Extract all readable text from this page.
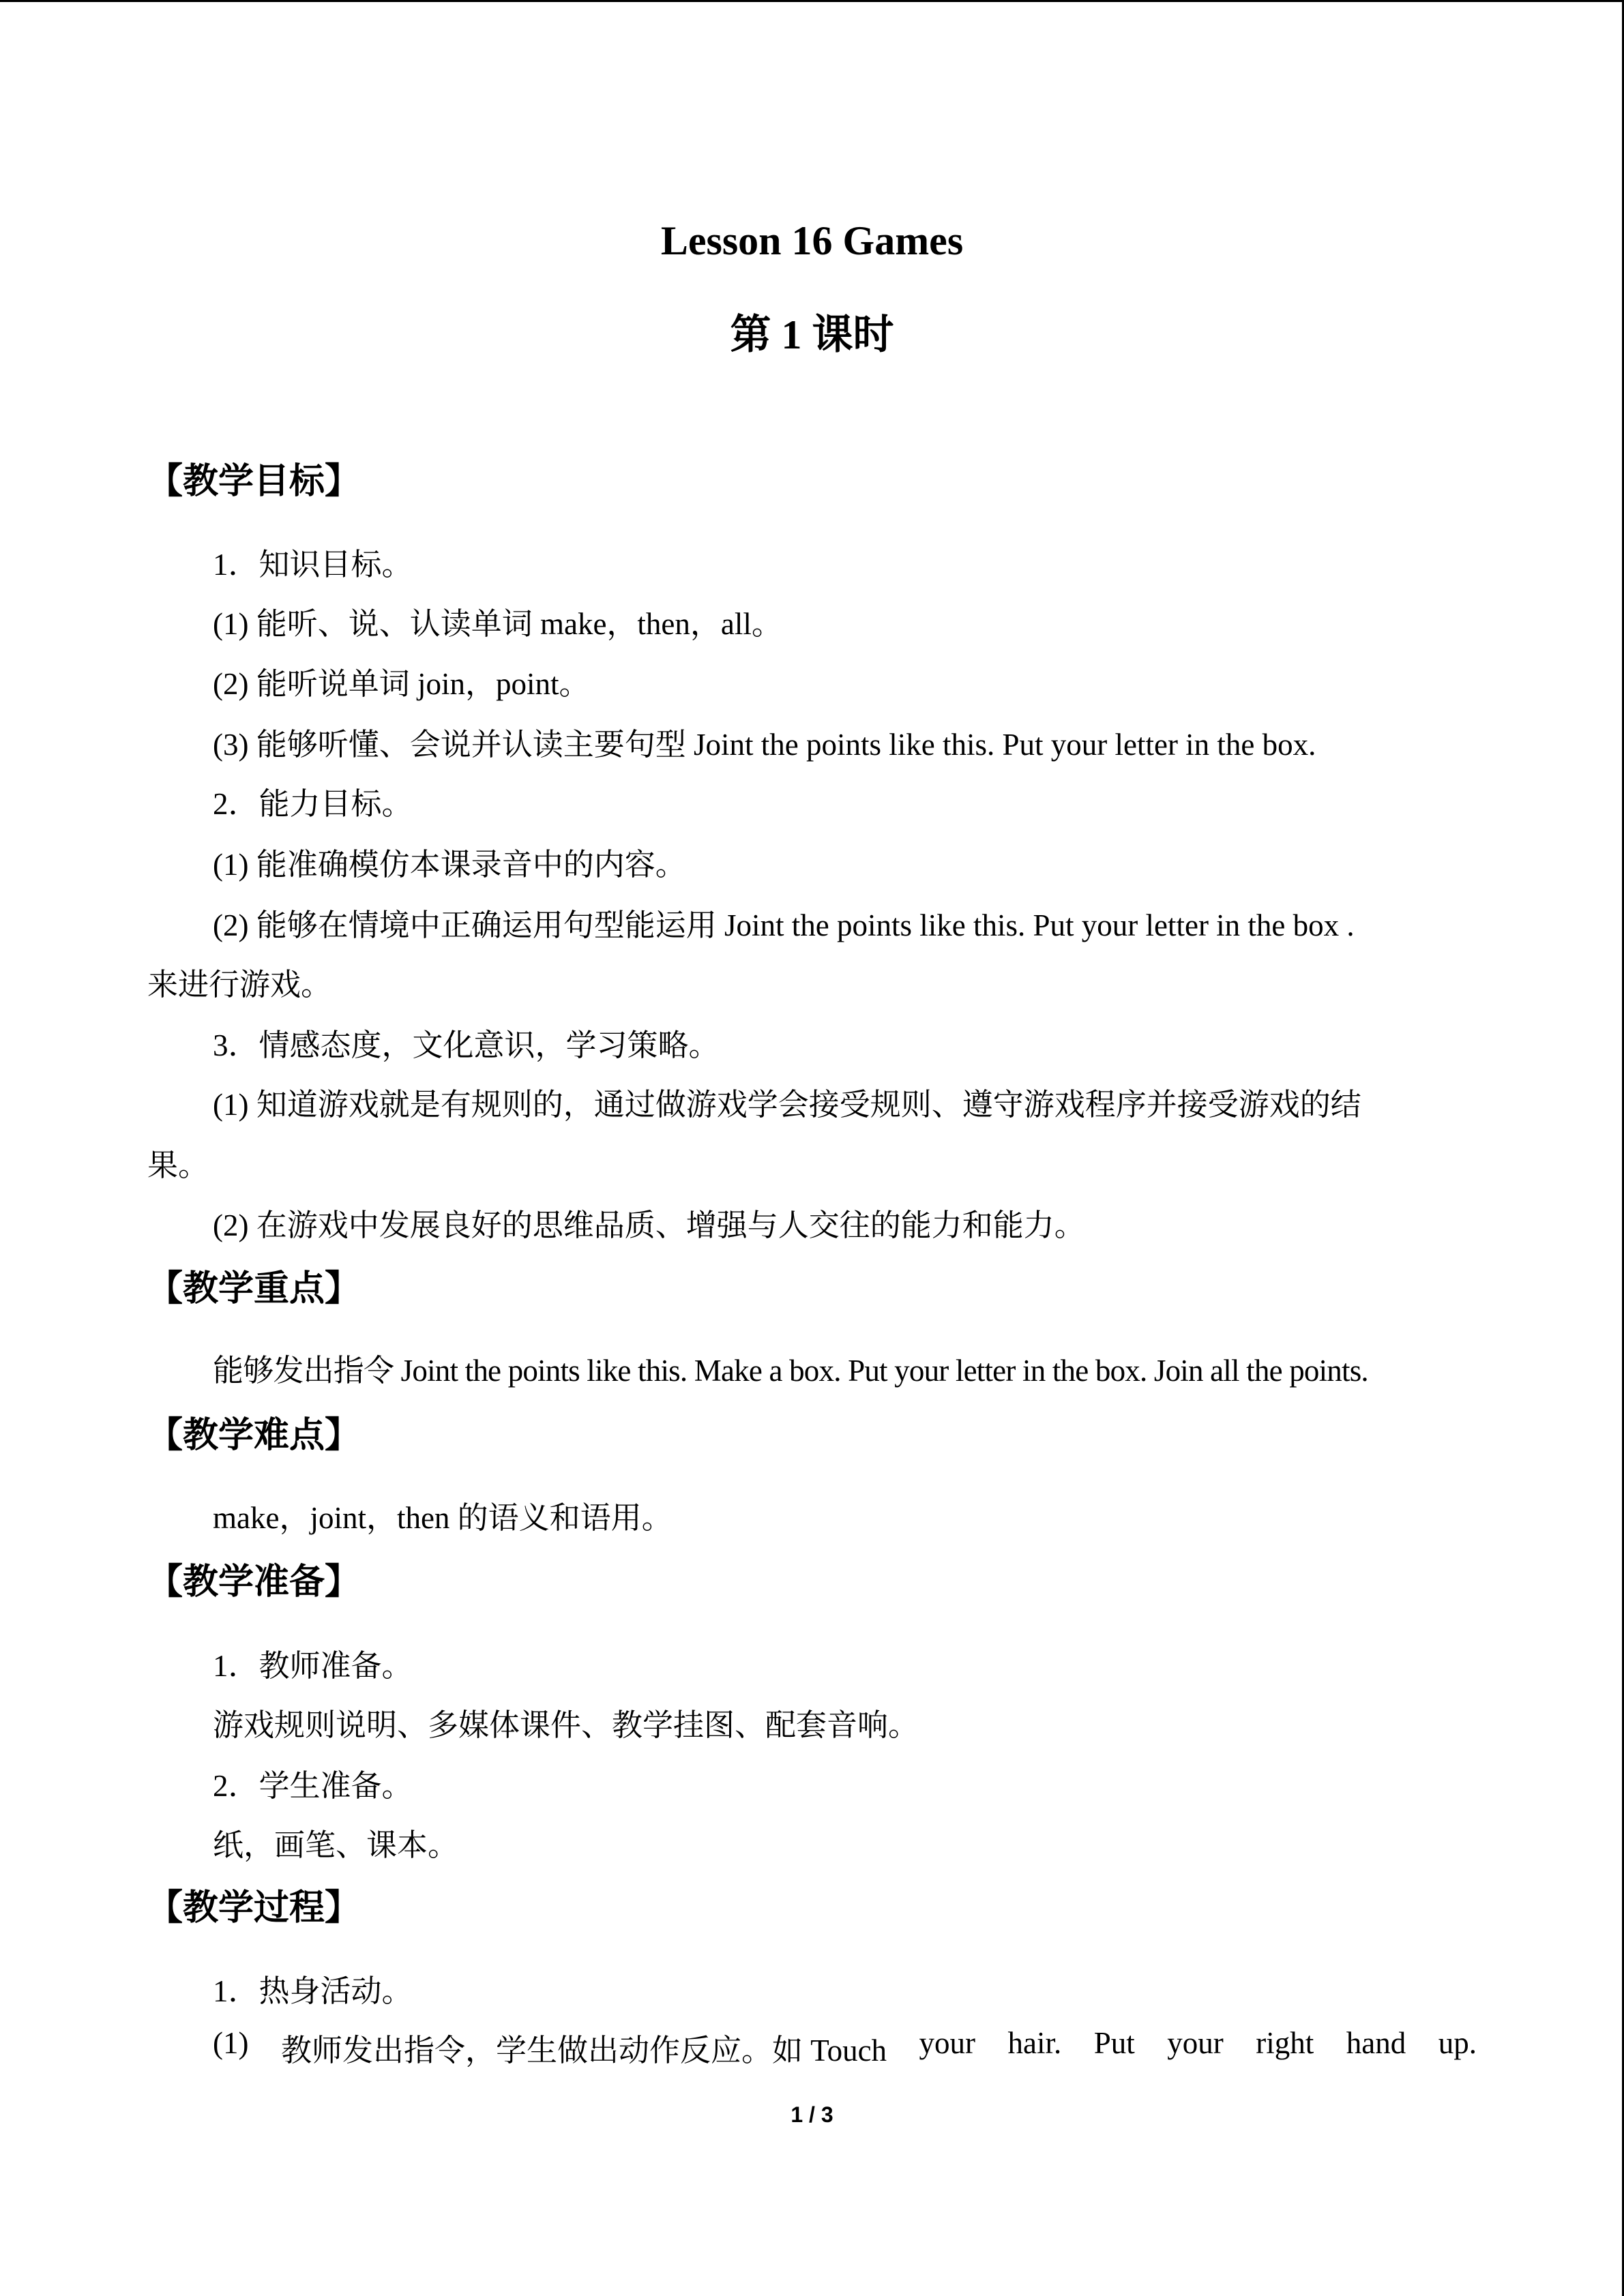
Lesson 16 Games
第 1 课时
【教学目标】
1．知识目标。
(1) 能听、说、认读单词 make，then，all。
(2) 能听说单词 join，point。
(3) 能够听懂、会说并认读主要句型 Joint the points like this. Put your letter in the box.
2．能力目标。
(1) 能准确模仿本课录音中的内容。
(2) 能够在情境中正确运用句型能运用 Joint the points like this. Put your letter in the box .
来进行游戏。
3．情感态度，文化意识，学习策略。
(1) 知道游戏就是有规则的，通过做游戏学会接受规则、遵守游戏程序并接受游戏的结
果。
(2) 在游戏中发展良好的思维品质、增强与人交往的能力和能力。
【教学重点】
能够发出指令 Joint the points like this. Make a box. Put your letter in the box. Join all the points.
【教学难点】
make，joint，then 的语义和语用。
【教学准备】
1．教师准备。
游戏规则说明、多媒体课件、教学挂图、配套音响。
2．学生准备。
纸，画笔、课本。
【教学过程】
1．热身活动。
(1) 教师发出指令，学生做出动作反应。如 Touch your hair. Put your right hand up.
1 / 3
